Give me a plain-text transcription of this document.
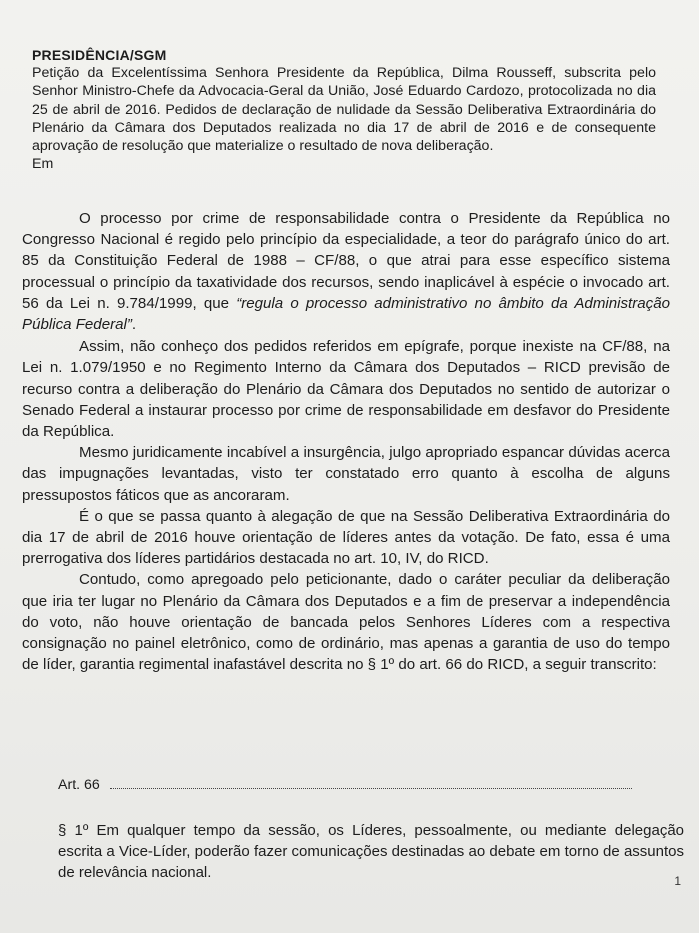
PRESIDÊNCIA/SGM

Petição da Excelentíssima Senhora Presidente da República, Dilma Rousseff, subscrita pelo Senhor Ministro-Chefe da Advocacia-Geral da União, José Eduardo Cardozo, protocolizada no dia 25 de abril de 2016. Pedidos de declaração de nulidade da Sessão Deliberativa Extraordinária do Plenário da Câmara dos Deputados realizada no dia 17 de abril de 2016 e de consequente aprovação de resolução que materialize o resultado de nova deliberação.

Em

O processo por crime de responsabilidade contra o Presidente da República no Congresso Nacional é regido pelo princípio da especialidade, a teor do parágrafo único do art. 85 da Constituição Federal de 1988 – CF/88, o que atrai para esse específico sistema processual o princípio da taxatividade dos recursos, sendo inaplicável à espécie o invocado art. 56 da Lei n. 9.784/1999, que “regula o processo administrativo no âmbito da Administração Pública Federal”.

Assim, não conheço dos pedidos referidos em epígrafe, porque inexiste na CF/88, na Lei n. 1.079/1950 e no Regimento Interno da Câmara dos Deputados – RICD previsão de recurso contra a deliberação do Plenário da Câmara dos Deputados no sentido de autorizar o Senado Federal a instaurar processo por crime de responsabilidade em desfavor do Presidente da República.

Mesmo juridicamente incabível a insurgência, julgo apropriado espancar dúvidas acerca das impugnações levantadas, visto ter constatado erro quanto à escolha de alguns pressupostos fáticos que as ancoraram.

É o que se passa quanto à alegação de que na Sessão Deliberativa Extraordinária do dia 17 de abril de 2016 houve orientação de líderes antes da votação. De fato, essa é uma prerrogativa dos líderes partidários destacada no art. 10, IV, do RICD.

Contudo, como apregoado pelo peticionante, dado o caráter peculiar da deliberação que iria ter lugar no Plenário da Câmara dos Deputados e a fim de preservar a independência do voto, não houve orientação de bancada pelos Senhores Líderes com a respectiva consignação no painel eletrônico, como de ordinário, mas apenas a garantia de uso do tempo de líder, garantia regimental inafastável descrita no § 1º do art. 66 do RICD, a seguir transcrito:

Art. 66

§ 1º Em qualquer tempo da sessão, os Líderes, pessoalmente, ou mediante delegação escrita a Vice-Líder, poderão fazer comunicações destinadas ao debate em torno de assuntos de relevância nacional.	1
